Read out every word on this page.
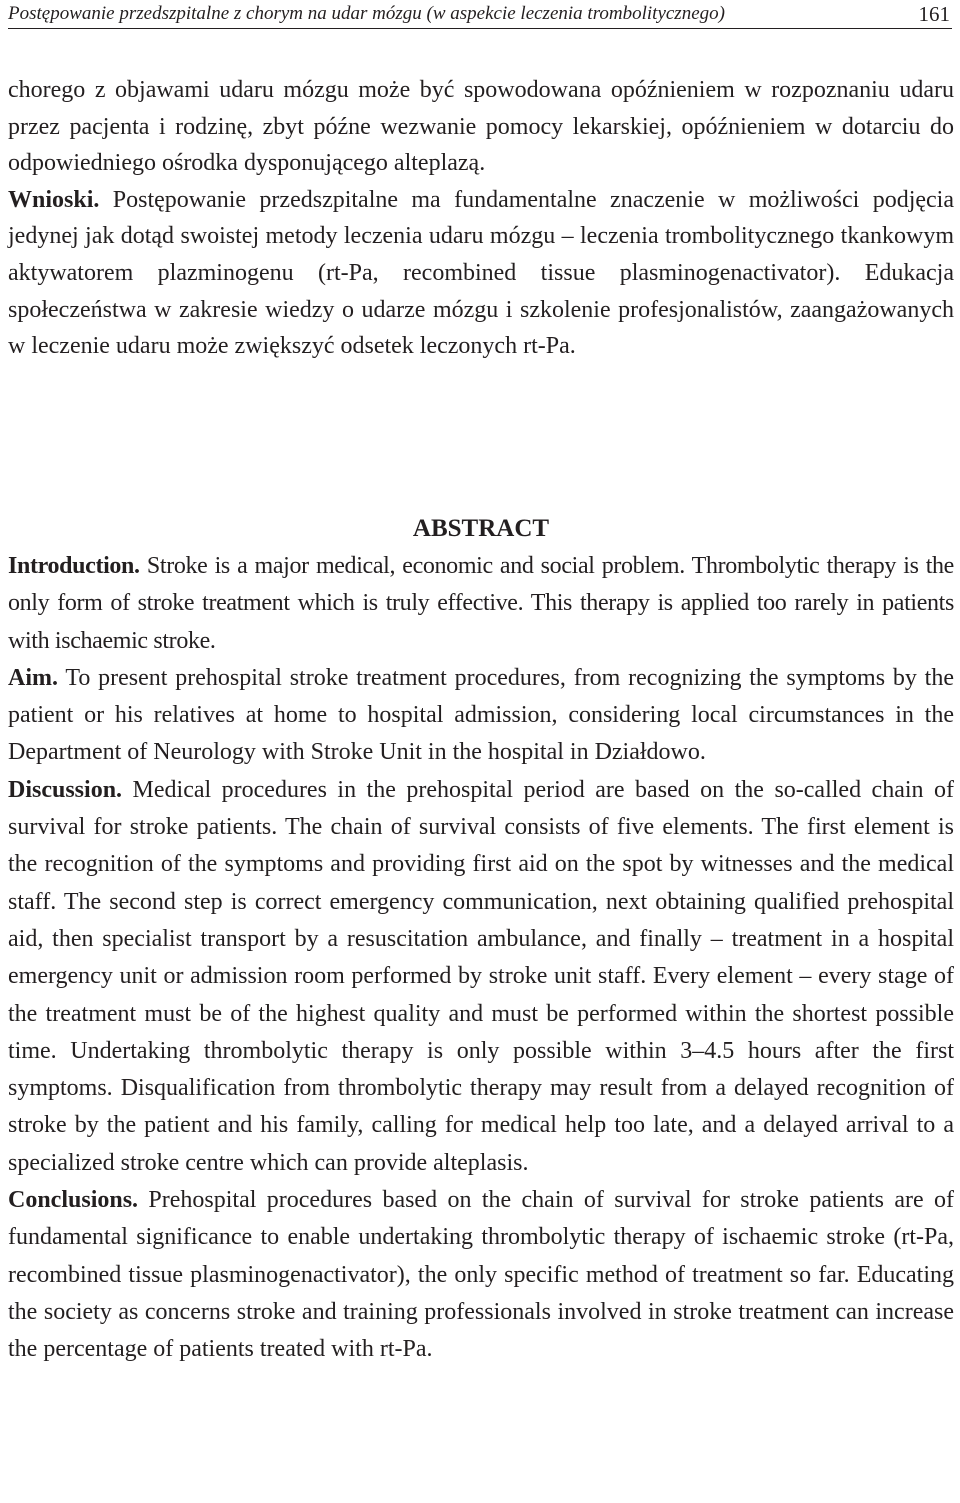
Postępowanie przedszpitalne z chorym na udar mózgu (w aspekcie leczenia trombolitycznego)	161

chorego z objawami udaru mózgu może być spowodowana opóźnieniem w rozpoznaniu udaru przez pacjenta i rodzinę, zbyt późne wezwanie pomocy lekarskiej, opóźnieniem w dotarciu do odpowiedniego ośrodka dysponującego alteplazą.

Wnioski. Postępowanie przedszpitalne ma fundamentalne znaczenie w możliwości podjęcia jedynej jak dotąd swoistej metody leczenia udaru mózgu – leczenia trombolitycznego tkankowym aktywatorem plazminogenu (rt-Pa, recombined tissue plasminogenactivator). Edukacja społeczeństwa w zakresie wiedzy o udarze mózgu i szkolenie profesjonalistów, zaangażowanych w leczenie udaru może zwiększyć odsetek leczonych rt-Pa.

ABSTRACT

Introduction. Stroke is a major medical, economic and social problem. Thrombolytic therapy is the only form of stroke treatment which is truly effective. This therapy is applied too rarely in patients with ischaemic stroke.

Aim. To present prehospital stroke treatment procedures, from recognizing the symptoms by the patient or his relatives at home to hospital admission, considering local circumstances in the Department of Neurology with Stroke Unit in the hospital in Działdowo.

Discussion. Medical procedures in the prehospital period are based on the so-called chain of survival for stroke patients. The chain of survival consists of five elements. The first element is the recognition of the symptoms and providing first aid on the spot by witnesses and the medical staff. The second step is correct emergency communication, next obtaining qualified prehospital aid, then specialist transport by a resuscitation ambulance, and finally – treatment in a hospital emergency unit or admission room performed by stroke unit staff. Every element – every stage of the treatment must be of the highest quality and must be performed within the shortest possible time. Undertaking thrombolytic therapy is only possible within 3–4.5 hours after the first symptoms. Disqualification from thrombolytic therapy may result from a delayed recognition of stroke by the patient and his family, calling for medical help too late, and a delayed arrival to a specialized stroke centre which can provide alteplasis.

Conclusions. Prehospital procedures based on the chain of survival for stroke patients are of fundamental significance to enable undertaking thrombolytic therapy of ischaemic stroke (rt-Pa, recombined tissue plasminogenactivator), the only specific method of treatment so far. Educating the society as concerns stroke and training professionals involved in stroke treatment can increase the percentage of patients treated with rt-Pa.
